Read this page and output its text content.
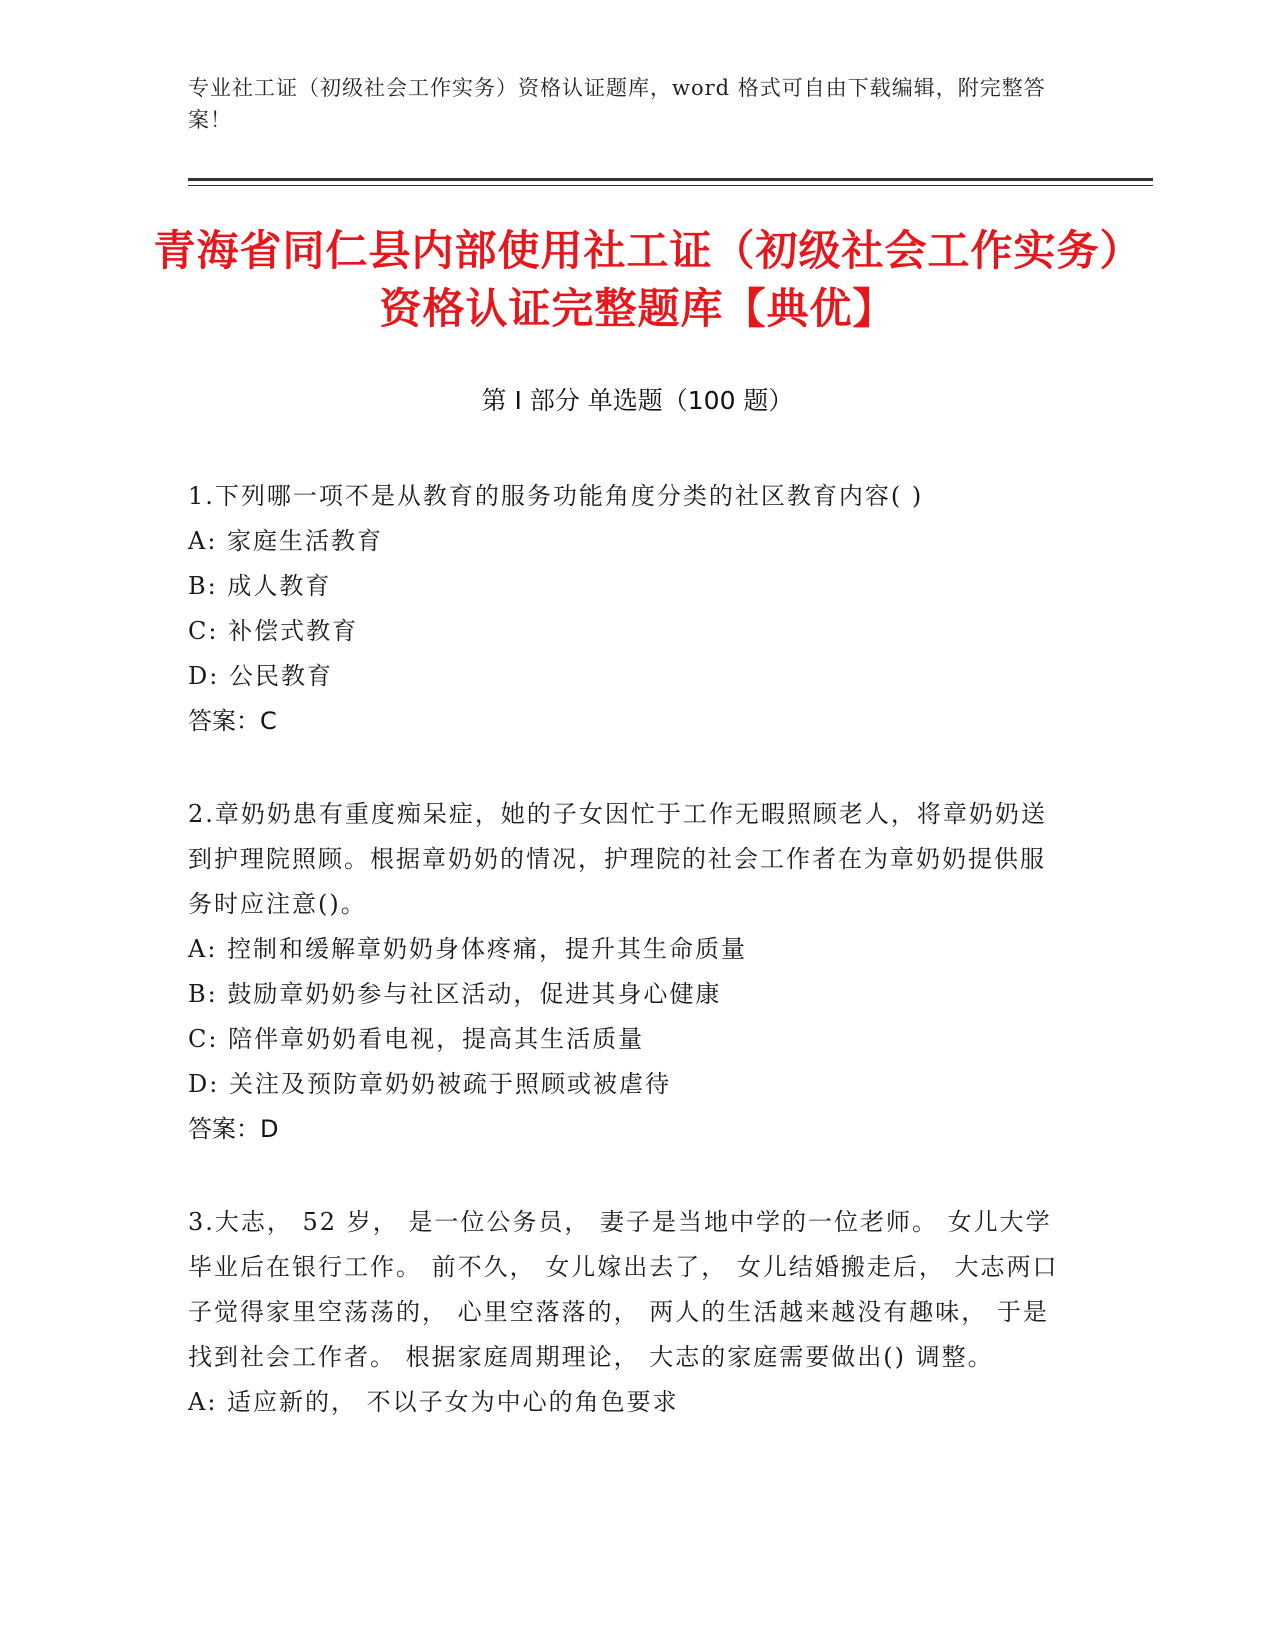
专业社工证（初级社会工作实务）资格认证题库，word 格式可自由下载编辑，附完整答案！
青海省同仁县内部使用社工证（初级社会工作实务）资格认证完整题库【典优】
第 I 部分 单选题（100 题）
1.下列哪一项不是从教育的服务功能角度分类的社区教育内容( )
A: 家庭生活教育
B: 成人教育
C: 补偿式教育
D: 公民教育
答案：C
2.章奶奶患有重度痴呆症，她的子女因忙于工作无暇照顾老人，将章奶奶送到护理院照顾。根据章奶奶的情况，护理院的社会工作者在为章奶奶提供服务时应注意()。
A: 控制和缓解章奶奶身体疼痛，提升其生命质量
B: 鼓励章奶奶参与社区活动，促进其身心健康
C: 陪伴章奶奶看电视，提高其生活质量
D: 关注及预防章奶奶被疏于照顾或被虐待
答案：D
3.大志， 52 岁， 是一位公务员， 妻子是当地中学的一位老师。 女儿大学毕业后在银行工作。 前不久， 女儿嫁出去了， 女儿结婚搬走后， 大志两口子觉得家里空荡荡的， 心里空落落的， 两人的生活越来越没有趣味， 于是找到社会工作者。 根据家庭周期理论， 大志的家庭需要做出() 调整。
A: 适应新的， 不以子女为中心的角色要求
